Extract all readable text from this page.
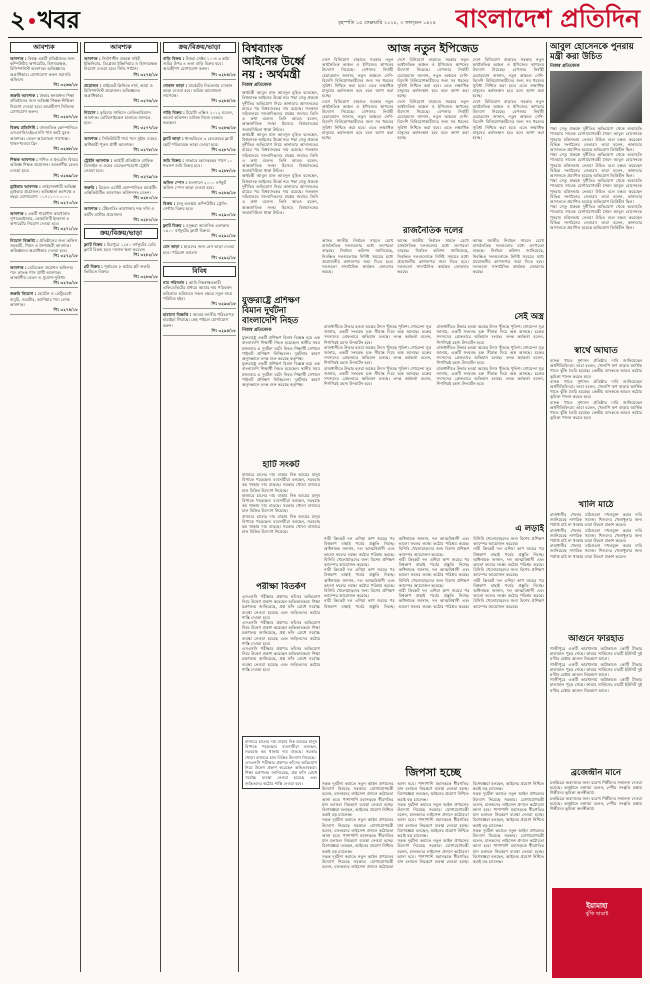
২ খবর	বৃহস্পতি ১৫ ফেব্রুয়ারি ২০১৮, ৩ ফাল্গুন ১৪২৪ বাংলাদেশ প্রতিদিন
আবশ্যক
আবশ্যক : বিশ্বস্ত একটি প্রতিষ্ঠানের জন্য কম্পিউটার অপারেটর, হিসাবরক্ষক, রিসিপশনিস্ট আবশ্যক। অভিজ্ঞদের অগ্রাধিকার। যোগাযোগ করুন সরাসরি অফিসে।
পি: ৩২৬৬/১৮
জরুরি আবশ্যক : ঢাকার স্বনামধন্য শিক্ষা প্রতিষ্ঠানের জন্য অভিজ্ঞ শিক্ষক-শিক্ষিকা নিয়োগ দেওয়া হবে। আগ্রহীগণ সিভিসহ যোগাযোগ করুন।
পি: ৩২৬৭/১৮
বিক্রয় প্রতিনিধি : বহুজাতিক কোম্পানিতে এসএসসি/এইচএসসি পাস কর্মঠ যুবক আবশ্যক। বেতন আলোচনা সাপেক্ষে। থাকা-খাওয়া ফ্রি।
পি: ৩২৬৮/১৮
শিক্ষক আবশ্যক : গণিত ও ইংরেজি বিষয়ে অভিজ্ঞ শিক্ষক প্রয়োজন। আকর্ষণীয় বেতন দেওয়া হবে।
পি: ৩২৬৯/১৮
ড্রাইভার আবশ্যক : লাইসেন্সধারী অভিজ্ঞ ড্রাইভার প্রয়োজন। অভিজ্ঞতা কমপক্ষে ৫ বছর। যোগাযোগ: ০১৭১১-০০০০০০
পি: ৩২৭০/১৮
আবশ্যক : একটি গার্মেন্টস কারখানায় সুপারভাইজার, কোয়ালিটি ইনচার্জ ও অপারেটর নিয়োগ দেওয়া হবে।
পি: ৩২৭১/১৮
নিয়োগ বিজ্ঞপ্তি : প্রতিষ্ঠানের জন্য অফিস সহকারী, পিয়ন ও নৈশপ্রহরী আবশ্যক। অভিজ্ঞদের অগ্রাধিকার দেওয়া হবে।
পি: ৩২৭২/১৮
আবশ্যক : মেডিকেল প্রমোশন অফিসার পদে স্নাতক পাস প্রার্থী আবশ্যক। আকর্ষণীয় বেতন ও সুযোগ-সুবিধা।
পি: ৩২৭৩/১৮
জরুরি নিয়োগ : হোটেল ও রেস্টুরেন্টে বাবুর্চি, ওয়েটার, ক্যাশিয়ার পদে লোক আবশ্যক।
পি: ৩২৭৪/১৮
আবশ্যক
আবশ্যক : নির্মাণাধীন প্রকল্পে সাইট ইঞ্জিনিয়ার, ডিপ্লোমা ইঞ্জিনিয়ার ও হিসাবরক্ষক নিয়োগ দেওয়া হবে। সিভি পাঠান।
পি: ৩২৭৫/১৮
প্রয়োজন : প্রাইভেট ক্লিনিকে নার্স, আয়া ও রিসিপশনিস্ট প্রয়োজন। অভিজ্ঞদের অগ্রাধিকার।
পি: ৩২৭৬/১৮
নিয়োগ : কুরিয়ার সার্ভিসে ডেলিভারিম্যান আবশ্যক। মোটরসাইকেল চালাতে জানতে হবে।
পি: ৩২৭৭/১৮
আবশ্যক : সিকিউরিটি গার্ড পদে সুঠাম দেহের অধিকারী পুরুষ প্রার্থী আবশ্যক।
পি: ৩২৭৮/১৮
ট্রেইনি আবশ্যক : আইটি প্রতিষ্ঠানে গ্রাফিক ডিজাইন ও ওয়েব ডেভেলপমেন্টে ট্রেইনি নেওয়া হবে।
পি: ৩২৭৯/১৮
জরুরি : রিয়েল এস্টেট কোম্পানিতে মার্কেটিং এক্সিকিউটিভ আবশ্যক। কমিশনসহ বেতন।
পি: ৩২৮০/১৮
আবশ্যক : টেইলারিং কারখানায় দক্ষ দর্জি ও কাটিং মাস্টার প্রয়োজন।
পি: ৩২৮১/১৮
ক্রয়/বিক্রয়/ভাড়া
ফ্ল্যাট বিক্রয় : মিরপুরে ১২৫০ বর্গফুটের রেডি ফ্ল্যাট বিক্রয় হবে। দালাল ক্ষমা করবেন।
পি: ৩২৮২/১৮
প্লট বিক্রয় : পূর্বাচলে ৫ কাঠার প্লট জরুরি ভিত্তিতে বিক্রয়।
পি: ৩২৮৩/১৮
ক্রয়/বিক্রয়/ভাড়া
বাড়ি বিক্রয় : উত্তরা সেক্টর ১০-এ ৩ কাঠা জমির উপর ৪ তলা বাড়ি বিক্রয় হবে। আগ্রহীগণ যোগাযোগ করুন।
পি: ৩২৮৪/১৮
দোকান ভাড়া : মার্কেটের নিচতলায় দোকান ভাড়া দেওয়া হবে। অগ্রিম আলোচনা সাপেক্ষে।
পি: ৩২৮৫/১৮
গাড়ি বিক্রয় : টয়োটা এক্সিও ২০১২ মডেল, ভালো কন্ডিশন। মালিক নিজে ব্যবহার করছেন।
পি: ৩২৮৬/১৮
ফ্ল্যাট ভাড়া : ধানমন্ডিতে ৩ বেডরুমের ফ্ল্যাট ছোট পরিবারকে ভাড়া দেওয়া হবে।
পি: ৩২৮৭/১৮
জমি বিক্রয় : সাভারে মহাসড়কের পাশে ১০ শতাংশ জমি বিক্রয় হবে।
পি: ৩২৮৮/১৮
অফিস স্পেস : গুলশানে ২০০০ বর্গফুট অফিস স্পেস ভাড়া দেওয়া হবে।
পি: ৩২৮৯/১৮
বিক্রয় : চালু অবস্থায় কম্পিউটার ট্রেনিং সেন্টার বিক্রয় হবে।
পি: ৩২৯০/১৮
ফ্ল্যাট বিক্রয় : বসুন্ধরা আবাসিক এলাকায় ১৬০০ বর্গফুটের ফ্ল্যাট বিক্রয়।
পি: ৩২৯১/১৮
মেস ভাড়া : ছাত্রদের জন্য মেস ভাড়া দেওয়া হবে। পরিবেশ ভালো।
পি: ৩২৯২/১৮
বিবিধ
নাম পরিবর্তন : আমি নিম্নস্বাক্ষরকারী এফিডেভিটের মাধ্যমে আমার নাম পরিবর্তন করিলাম। ভবিষ্যতে সকল ক্ষেত্রে নতুন নামে পরিচিত হইব।
পি: ৩২৯৩/১৮
হারানো বিজ্ঞপ্তি : আমার জাতীয় পরিচয়পত্র হারাইয়া গিয়াছে। কেহ পাইলে যোগাযোগ করুন।
পি: ৩২৯৪/১৮
বিশ্বব্যাংক আইনের উর্ধ্বে নয় : অর্থমন্ত্রী
নিজস্ব প্রতিবেদক

অর্থমন্ত্রী আবুল মাল আবদুল মুহিত বলেছেন, বিশ্বব্যাংক আইনের উর্ধ্বে নয়। পদ্মা সেতু প্রকল্পে দুর্নীতির অভিযোগ নিয়ে কানাডার আদালতের রায়ের পর বিশ্বব্যাংকের দায় রয়েছে। গতকাল সচিবালয়ে সাংবাদিকদের প্রশ্নের জবাবে তিনি এ কথা বলেন। তিনি আরও বলেন, আন্তর্জাতিক সংস্থা হিসেবে বিশ্বব্যাংকের জবাবদিহিতা থাকা উচিত।

অর্থমন্ত্রী আবুল মাল আবদুল মুহিত বলেছেন, বিশ্বব্যাংক আইনের উর্ধ্বে নয়। পদ্মা সেতু প্রকল্পে দুর্নীতির অভিযোগ নিয়ে কানাডার আদালতের রায়ের পর বিশ্বব্যাংকের দায় রয়েছে। গতকাল সচিবালয়ে সাংবাদিকদের প্রশ্নের জবাবে তিনি এ কথা বলেন। তিনি আরও বলেন, আন্তর্জাতিক সংস্থা হিসেবে বিশ্বব্যাংকের জবাবদিহিতা থাকা উচিত।

অর্থমন্ত্রী আবুল মাল আবদুল মুহিত বলেছেন, বিশ্বব্যাংক আইনের উর্ধ্বে নয়। পদ্মা সেতু প্রকল্পে দুর্নীতির অভিযোগ নিয়ে কানাডার আদালতের রায়ের পর বিশ্বব্যাংকের দায় রয়েছে। গতকাল সচিবালয়ে সাংবাদিকদের প্রশ্নের জবাবে তিনি এ কথা বলেন। তিনি আরও বলেন, আন্তর্জাতিক সংস্থা হিসেবে বিশ্বব্যাংকের জবাবদিহিতা থাকা উচিত।

আজ নতুন ইপিজেড

দেশে বিনিয়োগ বাড়াতে সরকার নতুন অর্থনৈতিক অঞ্চল ও ইপিজেড স্থাপনের উদ্যোগ নিয়েছে। বেপজার নির্বাহী চেয়ারম্যান জানান, নতুন অঞ্চলে দেশি-বিদেশি বিনিয়োগকারীদের জন্য সব ধরনের সুবিধা নিশ্চিত করা হবে। এতে লক্ষাধিক মানুষের কর্মসংস্থান হবে বলে আশা করা হচ্ছে।

দেশে বিনিয়োগ বাড়াতে সরকার নতুন অর্থনৈতিক অঞ্চল ও ইপিজেড স্থাপনের উদ্যোগ নিয়েছে। বেপজার নির্বাহী চেয়ারম্যান জানান, নতুন অঞ্চলে দেশি-বিদেশি বিনিয়োগকারীদের জন্য সব ধরনের সুবিধা নিশ্চিত করা হবে। এতে লক্ষাধিক মানুষের কর্মসংস্থান হবে বলে আশা করা হচ্ছে।

দেশে বিনিয়োগ বাড়াতে সরকার নতুন অর্থনৈতিক অঞ্চল ও ইপিজেড স্থাপনের উদ্যোগ নিয়েছে। বেপজার নির্বাহী চেয়ারম্যান জানান, নতুন অঞ্চলে দেশি-বিদেশি বিনিয়োগকারীদের জন্য সব ধরনের সুবিধা নিশ্চিত করা হবে। এতে লক্ষাধিক মানুষের কর্মসংস্থান হবে বলে আশা করা হচ্ছে।

দেশে বিনিয়োগ বাড়াতে সরকার নতুন অর্থনৈতিক অঞ্চল ও ইপিজেড স্থাপনের উদ্যোগ নিয়েছে। বেপজার নির্বাহী চেয়ারম্যান জানান, নতুন অঞ্চলে দেশি-বিদেশি বিনিয়োগকারীদের জন্য সব ধরনের সুবিধা নিশ্চিত করা হবে। এতে লক্ষাধিক মানুষের কর্মসংস্থান হবে বলে আশা করা হচ্ছে।

দেশে বিনিয়োগ বাড়াতে সরকার নতুন অর্থনৈতিক অঞ্চল ও ইপিজেড স্থাপনের উদ্যোগ নিয়েছে। বেপজার নির্বাহী চেয়ারম্যান জানান, নতুন অঞ্চলে দেশি-বিদেশি বিনিয়োগকারীদের জন্য সব ধরনের সুবিধা নিশ্চিত করা হবে। এতে লক্ষাধিক মানুষের কর্মসংস্থান হবে বলে আশা করা হচ্ছে।

দেশে বিনিয়োগ বাড়াতে সরকার নতুন অর্থনৈতিক অঞ্চল ও ইপিজেড স্থাপনের উদ্যোগ নিয়েছে। বেপজার নির্বাহী চেয়ারম্যান জানান, নতুন অঞ্চলে দেশি-বিদেশি বিনিয়োগকারীদের জন্য সব ধরনের সুবিধা নিশ্চিত করা হবে। এতে লক্ষাধিক মানুষের কর্মসংস্থান হবে বলে আশা করা হচ্ছে।

রাজনৈতিক দলের

আসন্ন জাতীয় নির্বাচন সামনে রেখে রাজনৈতিক দলগুলোর মধ্যে তৎপরতা বাড়ছে। নির্বাচন কমিশন জানিয়েছে, নিবন্ধিত দলগুলোকে নির্দিষ্ট সময়ের মধ্যে প্রয়োজনীয় কাগজপত্র জমা দিতে হবে। দলগুলো সাংগঠনিক কার্যক্রম জোরদার করছে।

আসন্ন জাতীয় নির্বাচন সামনে রেখে রাজনৈতিক দলগুলোর মধ্যে তৎপরতা বাড়ছে। নির্বাচন কমিশন জানিয়েছে, নিবন্ধিত দলগুলোকে নির্দিষ্ট সময়ের মধ্যে প্রয়োজনীয় কাগজপত্র জমা দিতে হবে। দলগুলো সাংগঠনিক কার্যক্রম জোরদার করছে।

আসন্ন জাতীয় নির্বাচন সামনে রেখে রাজনৈতিক দলগুলোর মধ্যে তৎপরতা বাড়ছে। নির্বাচন কমিশন জানিয়েছে, নিবন্ধিত দলগুলোকে নির্দিষ্ট সময়ের মধ্যে প্রয়োজনীয় কাগজপত্র জমা দিতে হবে। দলগুলো সাংগঠনিক কার্যক্রম জোরদার করছে।

যুক্তরাষ্ট্রে প্রশিক্ষণ বিমান দুর্ঘটনা বাংলাদেশি নিহত
নিজস্ব প্রতিবেদক

যুক্তরাষ্ট্রে একটি প্রশিক্ষণ বিমান বিধ্বস্ত হয়ে এক বাংলাদেশি শিক্ষার্থী নিহত হয়েছেন। স্থানীয় সময় মঙ্গলবার এ দুর্ঘটনা ঘটে। নিহত শিক্ষার্থী সেখানে পাইলট প্রশিক্ষণ নিচ্ছিলেন। দুর্ঘটনার কারণ অনুসন্ধানে তদন্ত শুরু করেছে কর্তৃপক্ষ।

যুক্তরাষ্ট্রে একটি প্রশিক্ষণ বিমান বিধ্বস্ত হয়ে এক বাংলাদেশি শিক্ষার্থী নিহত হয়েছেন। স্থানীয় সময় মঙ্গলবার এ দুর্ঘটনা ঘটে। নিহত শিক্ষার্থী সেখানে পাইলট প্রশিক্ষণ নিচ্ছিলেন। দুর্ঘটনার কারণ অনুসন্ধানে তদন্ত শুরু করেছে কর্তৃপক্ষ।

হাটি সংকট

বাজারে চালের দাম বাড়ায় নিম্ন আয়ের মানুষ বিপাকে পড়েছেন। ব্যবসায়ীরা বলছেন, সরবরাহ কম থাকায় দাম বাড়ছে। সরকার খোলা বাজারে চাল বিক্রির উদ্যোগ নিয়েছে।

বাজারে চালের দাম বাড়ায় নিম্ন আয়ের মানুষ বিপাকে পড়েছেন। ব্যবসায়ীরা বলছেন, সরবরাহ কম থাকায় দাম বাড়ছে। সরকার খোলা বাজারে চাল বিক্রির উদ্যোগ নিয়েছে।

বাজারে চালের দাম বাড়ায় নিম্ন আয়ের মানুষ বিপাকে পড়েছেন। ব্যবসায়ীরা বলছেন, সরবরাহ কম থাকায় দাম বাড়ছে। সরকার খোলা বাজারে চাল বিক্রির উদ্যোগ নিয়েছে।

পরীক্ষা বিতর্কণ

এসএসসি পরীক্ষার প্রশ্নপত্র ফাঁসের অভিযোগ নিয়ে উদ্বেগ প্রকাশ করেছেন অভিভাবকরা। শিক্ষা মন্ত্রণালয় জানিয়েছে, প্রশ্ন ফাঁস রোধে সর্বোচ্চ ব্যবস্থা নেওয়া হয়েছে এবং জড়িতদের কঠোর শাস্তি দেওয়া হবে।

এসএসসি পরীক্ষার প্রশ্নপত্র ফাঁসের অভিযোগ নিয়ে উদ্বেগ প্রকাশ করেছেন অভিভাবকরা। শিক্ষা মন্ত্রণালয় জানিয়েছে, প্রশ্ন ফাঁস রোধে সর্বোচ্চ ব্যবস্থা নেওয়া হয়েছে এবং জড়িতদের কঠোর শাস্তি দেওয়া হবে।

এসএসসি পরীক্ষার প্রশ্নপত্র ফাঁসের অভিযোগ নিয়ে উদ্বেগ প্রকাশ করেছেন অভিভাবকরা। শিক্ষা মন্ত্রণালয় জানিয়েছে, প্রশ্ন ফাঁস রোধে সর্বোচ্চ ব্যবস্থা নেওয়া হয়েছে এবং জড়িতদের কঠোর শাস্তি দেওয়া হবে।

সেই অস্ত্র

রাজধানীতে উদ্ধার হওয়া অস্ত্রের উৎস খুঁজছে পুলিশ। গোয়েন্দা সূত্র জানায়, একটি সংঘবদ্ধ চক্র সীমান্ত দিয়ে অস্ত্র আনছে। চক্রের সদস্যদের গ্রেফতারে অভিযান চলছে। তদন্ত কর্মকর্তা বলেন, শিগগিরই রহস্য উদঘাটন হবে।

রাজধানীতে উদ্ধার হওয়া অস্ত্রের উৎস খুঁজছে পুলিশ। গোয়েন্দা সূত্র জানায়, একটি সংঘবদ্ধ চক্র সীমান্ত দিয়ে অস্ত্র আনছে। চক্রের সদস্যদের গ্রেফতারে অভিযান চলছে। তদন্ত কর্মকর্তা বলেন, শিগগিরই রহস্য উদঘাটন হবে।

রাজধানীতে উদ্ধার হওয়া অস্ত্রের উৎস খুঁজছে পুলিশ। গোয়েন্দা সূত্র জানায়, একটি সংঘবদ্ধ চক্র সীমান্ত দিয়ে অস্ত্র আনছে। চক্রের সদস্যদের গ্রেফতারে অভিযান চলছে। তদন্ত কর্মকর্তা বলেন, শিগগিরই রহস্য উদঘাটন হবে।

রাজধানীতে উদ্ধার হওয়া অস্ত্রের উৎস খুঁজছে পুলিশ। গোয়েন্দা সূত্র জানায়, একটি সংঘবদ্ধ চক্র সীমান্ত দিয়ে অস্ত্র আনছে। চক্রের সদস্যদের গ্রেফতারে অভিযান চলছে। তদন্ত কর্মকর্তা বলেন, শিগগিরই রহস্য উদঘাটন হবে।

রাজধানীতে উদ্ধার হওয়া অস্ত্রের উৎস খুঁজছে পুলিশ। গোয়েন্দা সূত্র জানায়, একটি সংঘবদ্ধ চক্র সীমান্ত দিয়ে অস্ত্র আনছে। চক্রের সদস্যদের গ্রেফতারে অভিযান চলছে। তদন্ত কর্মকর্তা বলেন, শিগগিরই রহস্য উদঘাটন হবে।

রাজধানীতে উদ্ধার হওয়া অস্ত্রের উৎস খুঁজছে পুলিশ। গোয়েন্দা সূত্র জানায়, একটি সংঘবদ্ধ চক্র সীমান্ত দিয়ে অস্ত্র আনছে। চক্রের সদস্যদের গ্রেফতারে অভিযান চলছে। তদন্ত কর্মকর্তা বলেন, শিগগিরই রহস্য উদঘাটন হবে।

এ লড়াই

নারী ক্রিকেট দল এশিয়া কাপ জয়ের পর বিশ্বকাপ বাছাই পর্বের প্রস্তুতি নিচ্ছে। অধিনায়ক জানান, দল আত্মবিশ্বাসী এবং ভালো ফলের লক্ষ্যে কঠোর পরিশ্রম করছে। বিসিবি খেলোয়াড়দের জন্য বিশেষ প্রশিক্ষণ ক্যাম্পের আয়োজন করেছে।

নারী ক্রিকেট দল এশিয়া কাপ জয়ের পর বিশ্বকাপ বাছাই পর্বের প্রস্তুতি নিচ্ছে। অধিনায়ক জানান, দল আত্মবিশ্বাসী এবং ভালো ফলের লক্ষ্যে কঠোর পরিশ্রম করছে। বিসিবি খেলোয়াড়দের জন্য বিশেষ প্রশিক্ষণ ক্যাম্পের আয়োজন করেছে।

নারী ক্রিকেট দল এশিয়া কাপ জয়ের পর বিশ্বকাপ বাছাই পর্বের প্রস্তুতি নিচ্ছে। অধিনায়ক জানান, দল আত্মবিশ্বাসী এবং ভালো ফলের লক্ষ্যে কঠোর পরিশ্রম করছে। বিসিবি খেলোয়াড়দের জন্য বিশেষ প্রশিক্ষণ ক্যাম্পের আয়োজন করেছে।

নারী ক্রিকেট দল এশিয়া কাপ জয়ের পর বিশ্বকাপ বাছাই পর্বের প্রস্তুতি নিচ্ছে। অধিনায়ক জানান, দল আত্মবিশ্বাসী এবং ভালো ফলের লক্ষ্যে কঠোর পরিশ্রম করছে। বিসিবি খেলোয়াড়দের জন্য বিশেষ প্রশিক্ষণ ক্যাম্পের আয়োজন করেছে।

নারী ক্রিকেট দল এশিয়া কাপ জয়ের পর বিশ্বকাপ বাছাই পর্বের প্রস্তুতি নিচ্ছে। অধিনায়ক জানান, দল আত্মবিশ্বাসী এবং ভালো ফলের লক্ষ্যে কঠোর পরিশ্রম করছে। বিসিবি খেলোয়াড়দের জন্য বিশেষ প্রশিক্ষণ ক্যাম্পের আয়োজন করেছে।

নারী ক্রিকেট দল এশিয়া কাপ জয়ের পর বিশ্বকাপ বাছাই পর্বের প্রস্তুতি নিচ্ছে। অধিনায়ক জানান, দল আত্মবিশ্বাসী এবং ভালো ফলের লক্ষ্যে কঠোর পরিশ্রম করছে। বিসিবি খেলোয়াড়দের জন্য বিশেষ প্রশিক্ষণ ক্যাম্পের আয়োজন করেছে।

নারী ক্রিকেট দল এশিয়া কাপ জয়ের পর বিশ্বকাপ বাছাই পর্বের প্রস্তুতি নিচ্ছে। অধিনায়ক জানান, দল আত্মবিশ্বাসী এবং ভালো ফলের লক্ষ্যে কঠোর পরিশ্রম করছে। বিসিবি খেলোয়াড়দের জন্য বিশেষ প্রশিক্ষণ ক্যাম্পের আয়োজন করেছে।

বাজারে চালের দাম বাড়ায় নিম্ন আয়ের মানুষ বিপাকে পড়েছেন। ব্যবসায়ীরা বলছেন, সরবরাহ কম থাকায় দাম বাড়ছে। সরকার খোলা বাজারে চাল বিক্রির উদ্যোগ নিয়েছে।

এসএসসি পরীক্ষার প্রশ্নপত্র ফাঁসের অভিযোগ নিয়ে উদ্বেগ প্রকাশ করেছেন অভিভাবকরা। শিক্ষা মন্ত্রণালয় জানিয়েছে, প্রশ্ন ফাঁস রোধে সর্বোচ্চ ব্যবস্থা নেওয়া হয়েছে এবং জড়িতদের কঠোর শাস্তি দেওয়া হবে।

জিপসা হচ্ছে

সড়ক দুর্ঘটনা কমাতে নতুন আইন প্রণয়নের উদ্যোগ নিয়েছে সরকার। যোগাযোগমন্ত্রী বলেন, চালকদের লাইসেন্স প্রদানে কঠোরতা আনা হবে। পাশাপাশি মহাসড়কে ধীরগতির যান চলাচল নিয়ন্ত্রণে ব্যবস্থা নেওয়া হচ্ছে। বিশেষজ্ঞরা বলছেন, আইনের প্রয়োগ নিশ্চিত করাই বড় চ্যালেঞ্জ।

সড়ক দুর্ঘটনা কমাতে নতুন আইন প্রণয়নের উদ্যোগ নিয়েছে সরকার। যোগাযোগমন্ত্রী বলেন, চালকদের লাইসেন্স প্রদানে কঠোরতা আনা হবে। পাশাপাশি মহাসড়কে ধীরগতির যান চলাচল নিয়ন্ত্রণে ব্যবস্থা নেওয়া হচ্ছে। বিশেষজ্ঞরা বলছেন, আইনের প্রয়োগ নিশ্চিত করাই বড় চ্যালেঞ্জ।

সড়ক দুর্ঘটনা কমাতে নতুন আইন প্রণয়নের উদ্যোগ নিয়েছে সরকার। যোগাযোগমন্ত্রী বলেন, চালকদের লাইসেন্স প্রদানে কঠোরতা আনা হবে। পাশাপাশি মহাসড়কে ধীরগতির যান চলাচল নিয়ন্ত্রণে ব্যবস্থা নেওয়া হচ্ছে। বিশেষজ্ঞরা বলছেন, আইনের প্রয়োগ নিশ্চিত করাই বড় চ্যালেঞ্জ।

সড়ক দুর্ঘটনা কমাতে নতুন আইন প্রণয়নের উদ্যোগ নিয়েছে সরকার। যোগাযোগমন্ত্রী বলেন, চালকদের লাইসেন্স প্রদানে কঠোরতা আনা হবে। পাশাপাশি মহাসড়কে ধীরগতির যান চলাচল নিয়ন্ত্রণে ব্যবস্থা নেওয়া হচ্ছে। বিশেষজ্ঞরা বলছেন, আইনের প্রয়োগ নিশ্চিত করাই বড় চ্যালেঞ্জ।

সড়ক দুর্ঘটনা কমাতে নতুন আইন প্রণয়নের উদ্যোগ নিয়েছে সরকার। যোগাযোগমন্ত্রী বলেন, চালকদের লাইসেন্স প্রদানে কঠোরতা আনা হবে। পাশাপাশি মহাসড়কে ধীরগতির যান চলাচল নিয়ন্ত্রণে ব্যবস্থা নেওয়া হচ্ছে। বিশেষজ্ঞরা বলছেন, আইনের প্রয়োগ নিশ্চিত করাই বড় চ্যালেঞ্জ।

সড়ক দুর্ঘটনা কমাতে নতুন আইন প্রণয়নের উদ্যোগ নিয়েছে সরকার। যোগাযোগমন্ত্রী বলেন, চালকদের লাইসেন্স প্রদানে কঠোরতা আনা হবে। পাশাপাশি মহাসড়কে ধীরগতির যান চলাচল নিয়ন্ত্রণে ব্যবস্থা নেওয়া হচ্ছে। বিশেষজ্ঞরা বলছেন, আইনের প্রয়োগ নিশ্চিত করাই বড় চ্যালেঞ্জ।

সড়ক দুর্ঘটনা কমাতে নতুন আইন প্রণয়নের উদ্যোগ নিয়েছে সরকার। যোগাযোগমন্ত্রী বলেন, চালকদের লাইসেন্স প্রদানে কঠোরতা আনা হবে। পাশাপাশি মহাসড়কে ধীরগতির যান চলাচল নিয়ন্ত্রণে ব্যবস্থা নেওয়া হচ্ছে। বিশেষজ্ঞরা বলছেন, আইনের প্রয়োগ নিশ্চিত করাই বড় চ্যালেঞ্জ।

আবুল হোসেনকে পুনরায় মন্ত্রী করা উচিত
নিজস্ব প্রতিবেদক

পদ্মা সেতু প্রকল্পে দুর্নীতির অভিযোগ থেকে অব্যাহতি পাওয়ায় সাবেক যোগাযোগমন্ত্রী সৈয়দ আবুল হোসেনকে পুনরায় মন্ত্রিসভায় নেওয়া উচিত বলে মন্তব্য করেছেন বিভিন্ন সংগঠনের নেতারা। তারা বলেন, কানাডার আদালতে প্রমাণিত হয়েছে অভিযোগ ভিত্তিহীন ছিল।

পদ্মা সেতু প্রকল্পে দুর্নীতির অভিযোগ থেকে অব্যাহতি পাওয়ায় সাবেক যোগাযোগমন্ত্রী সৈয়দ আবুল হোসেনকে পুনরায় মন্ত্রিসভায় নেওয়া উচিত বলে মন্তব্য করেছেন বিভিন্ন সংগঠনের নেতারা। তারা বলেন, কানাডার আদালতে প্রমাণিত হয়েছে অভিযোগ ভিত্তিহীন ছিল।

পদ্মা সেতু প্রকল্পে দুর্নীতির অভিযোগ থেকে অব্যাহতি পাওয়ায় সাবেক যোগাযোগমন্ত্রী সৈয়দ আবুল হোসেনকে পুনরায় মন্ত্রিসভায় নেওয়া উচিত বলে মন্তব্য করেছেন বিভিন্ন সংগঠনের নেতারা। তারা বলেন, কানাডার আদালতে প্রমাণিত হয়েছে অভিযোগ ভিত্তিহীন ছিল।

পদ্মা সেতু প্রকল্পে দুর্নীতির অভিযোগ থেকে অব্যাহতি পাওয়ায় সাবেক যোগাযোগমন্ত্রী সৈয়দ আবুল হোসেনকে পুনরায় মন্ত্রিসভায় নেওয়া উচিত বলে মন্তব্য করেছেন বিভিন্ন সংগঠনের নেতারা। তারা বলেন, কানাডার আদালতে প্রমাণিত হয়েছে অভিযোগ ভিত্তিহীন ছিল।

স্বার্থে আঘাত

ব্যাংক খাতে সুশাসন প্রতিষ্ঠার দাবি জানিয়েছেন অর্থনীতিবিদরা। তারা বলেন, খেলাপি ঋণ বাড়ায় আর্থিক খাতে ঝুঁকি তৈরি হয়েছে। কেন্দ্রীয় ব্যাংককে আরও কঠোর ভূমিকা পালন করতে হবে।

ব্যাংক খাতে সুশাসন প্রতিষ্ঠার দাবি জানিয়েছেন অর্থনীতিবিদরা। তারা বলেন, খেলাপি ঋণ বাড়ায় আর্থিক খাতে ঝুঁকি তৈরি হয়েছে। কেন্দ্রীয় ব্যাংককে আরও কঠোর ভূমিকা পালন করতে হবে।

ব্যাংক খাতে সুশাসন প্রতিষ্ঠার দাবি জানিয়েছেন অর্থনীতিবিদরা। তারা বলেন, খেলাপি ঋণ বাড়ায় আর্থিক খাতে ঝুঁকি তৈরি হয়েছে। কেন্দ্রীয় ব্যাংককে আরও কঠোর ভূমিকা পালন করতে হবে।

খালি মাঠে

রাজধানীর খেলার মাঠগুলো দখলমুক্ত করার দাবি জানিয়েছে নাগরিক সমাজ। শিশুদের খেলাধুলার জন্য পর্যাপ্ত মাঠ না থাকায় তারা উদ্বেগ প্রকাশ করেন।

রাজধানীর খেলার মাঠগুলো দখলমুক্ত করার দাবি জানিয়েছে নাগরিক সমাজ। শিশুদের খেলাধুলার জন্য পর্যাপ্ত মাঠ না থাকায় তারা উদ্বেগ প্রকাশ করেন।

রাজধানীর খেলার মাঠগুলো দখলমুক্ত করার দাবি জানিয়েছে নাগরিক সমাজ। শিশুদের খেলাধুলার জন্য পর্যাপ্ত মাঠ না থাকায় তারা উদ্বেগ প্রকাশ করেন।

আগুনে ফারহাত

গাজীপুরে একটি কারখানায় অগ্নিকাণ্ডে কোটি টাকার মালামাল পুড়ে গেছে। ফায়ার সার্ভিসের চারটি ইউনিট দুই ঘণ্টার চেষ্টায় আগুন নিয়ন্ত্রণে আনে।

গাজীপুরে একটি কারখানায় অগ্নিকাণ্ডে কোটি টাকার মালামাল পুড়ে গেছে। ফায়ার সার্ভিসের চারটি ইউনিট দুই ঘণ্টার চেষ্টায় আগুন নিয়ন্ত্রণে আনে।

গাজীপুরে একটি কারখানায় অগ্নিকাণ্ডে কোটি টাকার মালামাল পুড়ে গেছে। ফায়ার সার্ভিসের চারটি ইউনিট দুই ঘণ্টার চেষ্টায় আগুন নিয়ন্ত্রণে আনে।

ব্রজেন্দ্রীন মানে

চলচ্চিত্রে অবদানের জন্য বরেণ্য শিল্পীদের সম্মাননা দেওয়া হয়েছে। অনুষ্ঠানে বক্তারা বলেন, দেশীয় সংস্কৃতি রক্ষায় শিল্পীদের ভূমিকা অনস্বীকার্য।

চলচ্চিত্রে অবদানের জন্য বরেণ্য শিল্পীদের সম্মাননা দেওয়া হয়েছে। অনুষ্ঠানে বক্তারা বলেন, দেশীয় সংস্কৃতি রক্ষায় শিল্পীদের ভূমিকা অনস্বীকার্য।

ইয়ামাহা
ঝুঁকি ছাড়াই
